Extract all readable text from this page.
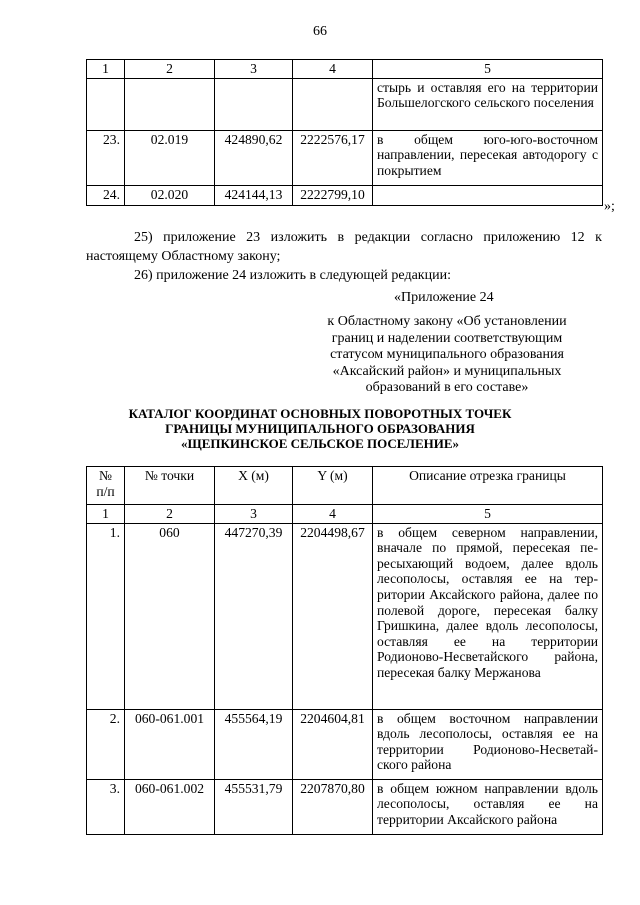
66
1	2	3	4	5
				стырь и оставляя его на территории Большелогского сельского поселения
23.	02.019	424890,62	2222576,17	в общем юго-юго-восточном направлении, пересекая автодорогу с покрытием
24.	02.020	424144,13	2222799,10	
»;
25) приложение 23 изложить в редакции согласно приложению 12 к настоящему Областному закону;
26) приложение 24 изложить в следующей редакции:
«Приложение 24
к Областному закону «Об установлении
границ и наделении соответствующим
статусом муниципального образования
«Аксайский район» и муниципальных
образований в его составе»
КАТАЛОГ КООРДИНАТ ОСНОВНЫХ ПОВОРОТНЫХ ТОЧЕК
ГРАНИЦЫ МУНИЦИПАЛЬНОГО ОБРАЗОВАНИЯ
«ЩЕПКИНСКОЕ СЕЛЬСКОЕ ПОСЕЛЕНИЕ»
№
п/п	№ точки	X (м)	Y (м)	Описание отрезка границы
1	2	3	4	5
1.	060	447270,39	2204498,67	в общем северном направлении, вначале по прямой, пересекая пересыхающий водоем, далее вдоль лесополосы, оставляя ее на территории Аксайского района, далее по полевой дороге, пересекая балку Гришкина, далее вдоль лесополосы, оставляя ее на территории Родионово-Несветайского района, пересекая балку Мержанова
2.	060-061.001	455564,19	2204604,81	в общем восточном направлении вдоль лесополосы, оставляя ее на территории Родионово-Несветайского района
3.	060-061.002	455531,79	2207870,80	в общем южном направлении вдоль лесополосы, оставляя ее на территории Аксайского района
